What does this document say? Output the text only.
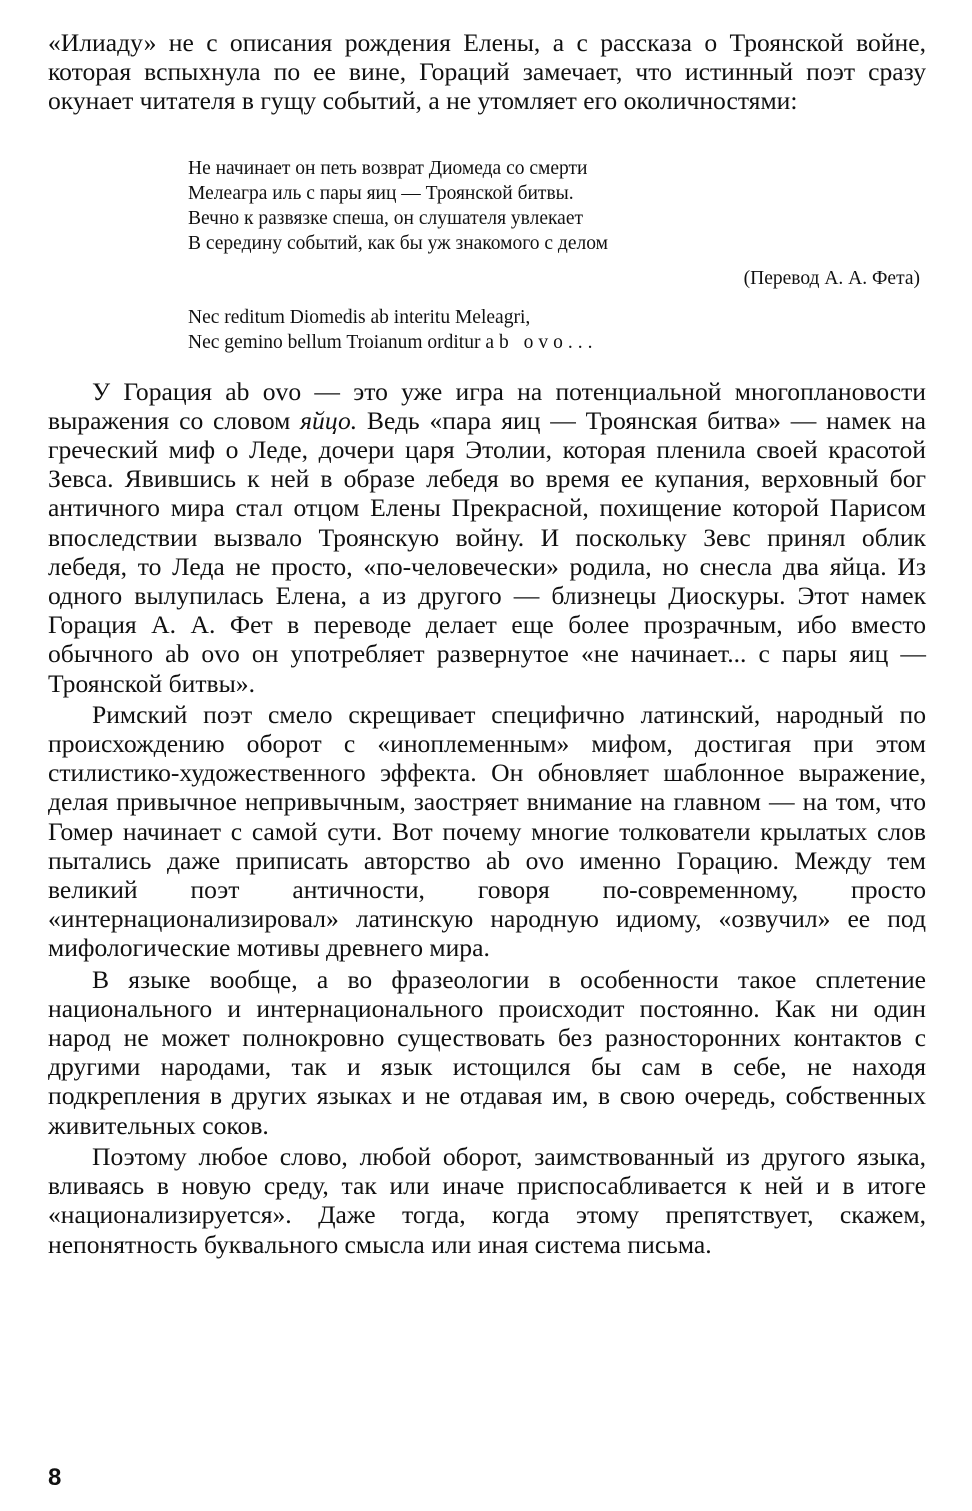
«Илиаду» не с описания рождения Елены, а с рассказа о Троянской войне, которая вспыхнула по ее вине, Гораций замечает, что истинный поэт сразу окунает читателя в гущу событий, а не утомляет его околичностями:

Не начинает он петь возврат Диомеда со смерти
Мелеагра иль с пары яиц — Троянской битвы.
Вечно к развязке спеша, он слушателя увлекает
В середину событий, как бы уж знакомого с делом
(Перевод А. А. Фета)
Nec reditum Diomedis ab interitu Meleagri,
Nec gemino bellum Troianum orditur ab ovo...

У Горация ab ovo — это уже игра на потенциальной многоплановости выражения со словом яйцо. Ведь «пара яиц — Троянская битва» — намек на греческий миф о Леде, дочери царя Этолии, которая пленила своей красотой Зевса. Явившись к ней в образе лебедя во время ее купания, верховный бог античного мира стал отцом Елены Прекрасной, похищение которой Парисом впоследствии вызвало Троянскую войну. И поскольку Зевс принял облик лебедя, то Леда не просто, «по-человечески» родила, но снесла два яйца. Из одного вылупилась Елена, а из другого — близнецы Диоскуры. Этот намек Горация А. А. Фет в переводе делает еще более прозрачным, ибо вместо обычного ab ovo он употребляет развернутое «не начинает... с пары яиц — Троянской битвы».

Римский поэт смело скрещивает специфично латинский, народный по происхождению оборот с «иноплеменным» мифом, достигая при этом стилистико-художественного эффекта. Он обновляет шаблонное выражение, делая привычное непривычным, заостряет внимание на главном — на том, что Гомер начинает с самой сути. Вот почему многие толкователи крылатых слов пытались даже приписать авторство ab ovo именно Горацию. Между тем великий поэт античности, говоря по-современному, просто «интернационализировал» латинскую народную идиому, «озвучил» ее под мифологические мотивы древнего мира.

В языке вообще, а во фразеологии в особенности такое сплетение национального и интернационального происходит постоянно. Как ни один народ не может полнокровно существовать без разносторонних контактов с другими народами, так и язык истощился бы сам в себе, не находя подкрепления в других языках и не отдавая им, в свою очередь, собственных живительных соков.

Поэтому любое слово, любой оборот, заимствованный из другого языка, вливаясь в новую среду, так или иначе приспосабливается к ней и в итоге «национализируется». Даже тогда, когда этому препятствует, скажем, непонятность буквального смысла или иная система письма.

8
